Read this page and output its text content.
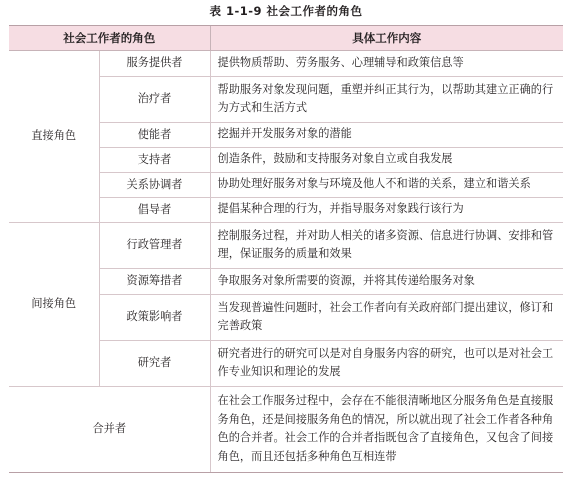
表 1-1-9 社会工作者的角色
社会工作者的角色		具体工作内容
直接角色	服务提供者	提供物质帮助、劳务服务、心理辅导和政策信息等
	治疗者	帮助服务对象发现问题，重塑并纠正其行为，以帮助其建立正确的行为方式和生活方式
	使能者	挖掘并开发服务对象的潜能
	支持者	创造条件，鼓励和支持服务对象自立或自我发展
	关系协调者	协助处理好服务对象与环境及他人不和谐的关系，建立和谐关系
	倡导者	提倡某种合理的行为，并指导服务对象践行该行为
间接角色	行政管理者	控制服务过程，并对助人相关的诸多资源、信息进行协调、安排和管理，保证服务的质量和效果
	资源筹措者	争取服务对象所需要的资源，并将其传递给服务对象
	政策影响者	当发现普遍性问题时，社会工作者向有关政府部门提出建议，修订和完善政策
	研究者	研究者进行的研究可以是对自身服务内容的研究，也可以是对社会工作专业知识和理论的发展
合并者		在社会工作服务过程中，会存在不能很清晰地区分服务角色是直接服务角色，还是间接服务角色的情况，所以就出现了社会工作者各种角色的合并者。社会工作的合并者指既包含了直接角色，又包含了间接角色，而且还包括多种角色互相连带
